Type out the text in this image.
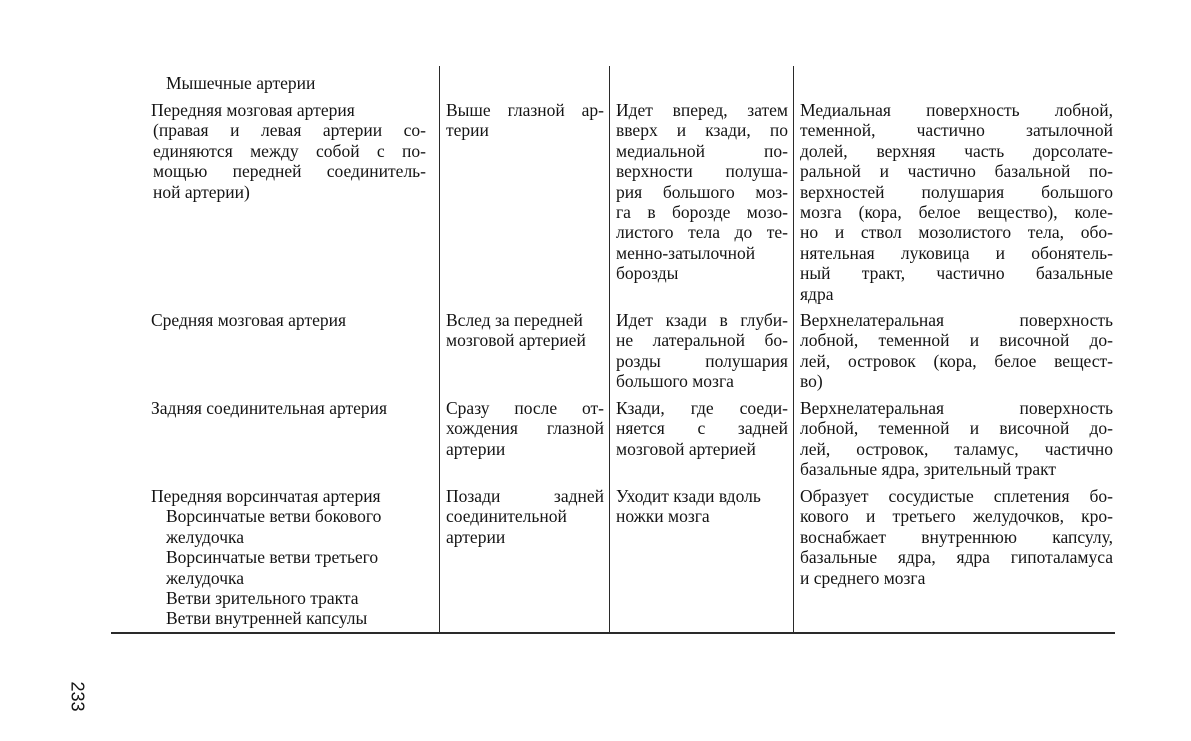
Мышечные артерии
Передняя мозговая артерия
(правая и левая артерии со-
единяются между собой с по-
мощью передней соединитель-
ной артерии)
Выше глазной ар-
терии
Идет вперед, затем
вверх и кзади, по
медиальной по-
верхности полуша-
рия большого моз-
га в борозде мозо-
листого тела до те-
менно-затылочной
борозды
Медиальная поверхность лобной,
теменной, частично затылочной
долей, верхняя часть дорсолате-
ральной и частично базальной по-
верхностей полушария большого
мозга (кора, белое вещество), коле-
но и ствол мозолистого тела, обо-
нятельная луковица и обонятель-
ный тракт, частично базальные
ядра
Средняя мозговая артерия	Вслед за передней
мозговой артерией
Идет кзади в глуби-
не латеральной бо-
розды полушария
большого мозга
Верхнелатеральная поверхность
лобной, теменной и височной до-
лей, островок (кора, белое вещест-
во)
Задняя соединительная артерия	Сразу после от-
хождения глазной
артерии
Кзади, где соеди-
няется с задней
мозговой артерией
Верхнелатеральная поверхность
лобной, теменной и височной до-
лей, островок, таламус, частично
базальные ядра, зрительный тракт
Передняя ворсинчатая артерия
Ворсинчатые ветви бокового
желудочка
Ворсинчатые ветви третьего
желудочка
Ветви зрительного тракта
Ветви внутренней капсулы
Позади задней
соединительной
артерии
Уходит кзади вдоль
ножки мозга
Образует сосудистые сплетения бо-
кового и третьего желудочков, кро-
воснабжает внутреннюю капсулу,
базальные ядра, ядра гипоталамуса
и среднего мозга
233
